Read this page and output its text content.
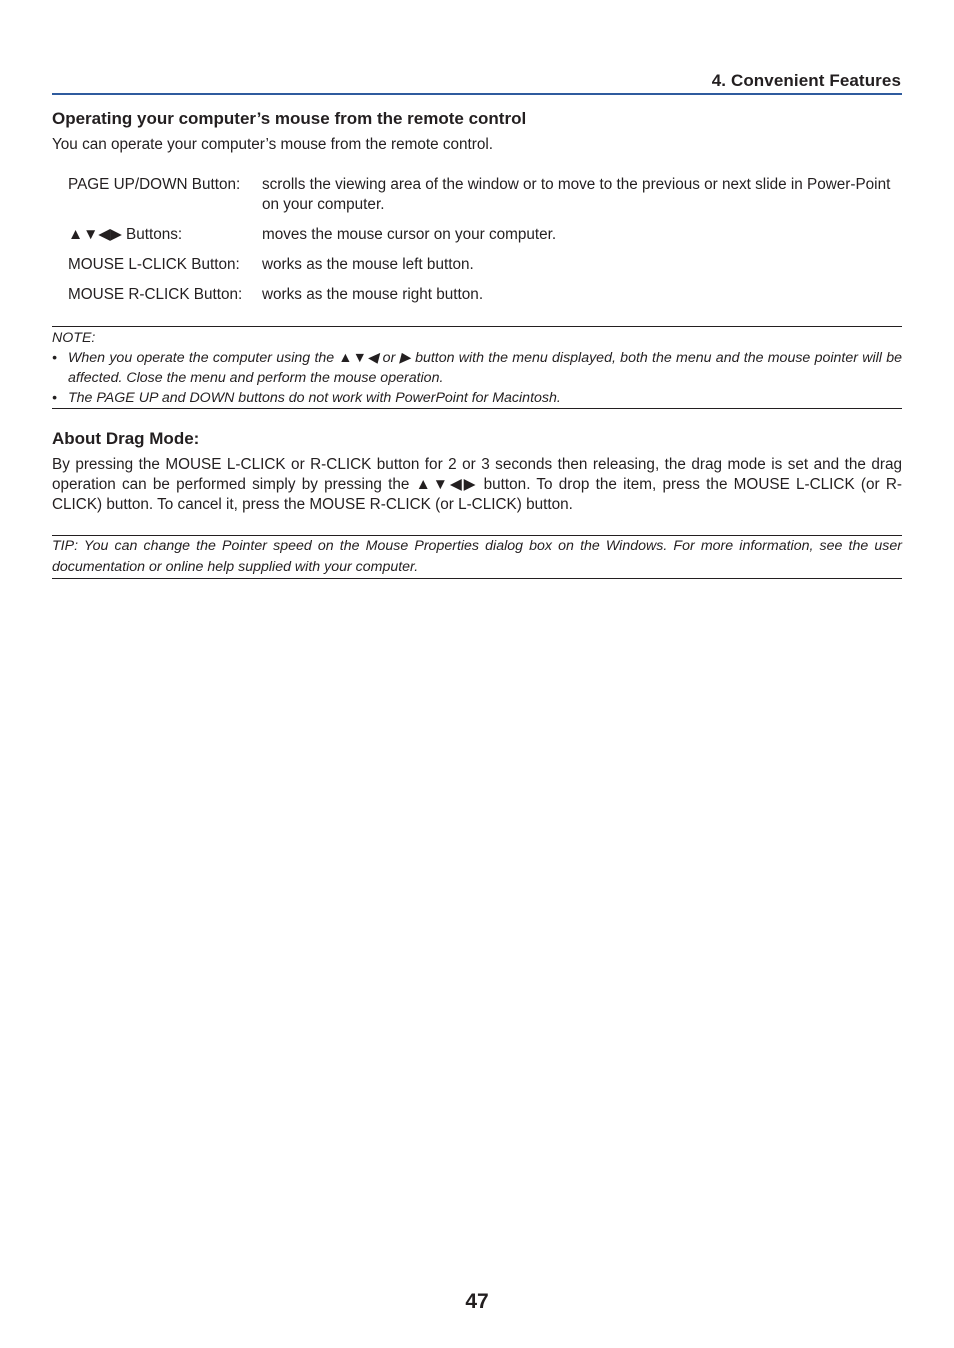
4. Convenient Features
Operating your computer’s mouse from the remote control
You can operate your computer’s mouse from the remote control.
PAGE UP/DOWN Button:	scrolls the viewing area of the window or to move to the previous or next slide in Power-Point on your computer.
▲▼◀▶ Buttons:	moves the mouse cursor on your computer.
MOUSE L-CLICK Button:	works as the mouse left button.
MOUSE R-CLICK Button:	works as the mouse right button.
NOTE:
• When you operate the computer using the ▲▼◀ or ▶ button with the menu displayed, both the menu and the mouse pointer will be affected. Close the menu and perform the mouse operation.
• The PAGE UP and DOWN buttons do not work with PowerPoint for Macintosh.
About Drag Mode:
By pressing the MOUSE L-CLICK or R-CLICK button for 2 or 3 seconds then releasing, the drag mode is set and the drag operation can be performed simply by pressing the ▲▼◀▶ button. To drop the item, press the MOUSE L-CLICK (or R-CLICK) button. To cancel it, press the MOUSE R-CLICK (or L-CLICK) button.
TIP: You can change the Pointer speed on the Mouse Properties dialog box on the Windows. For more information, see the user documentation or online help supplied with your computer.
47
